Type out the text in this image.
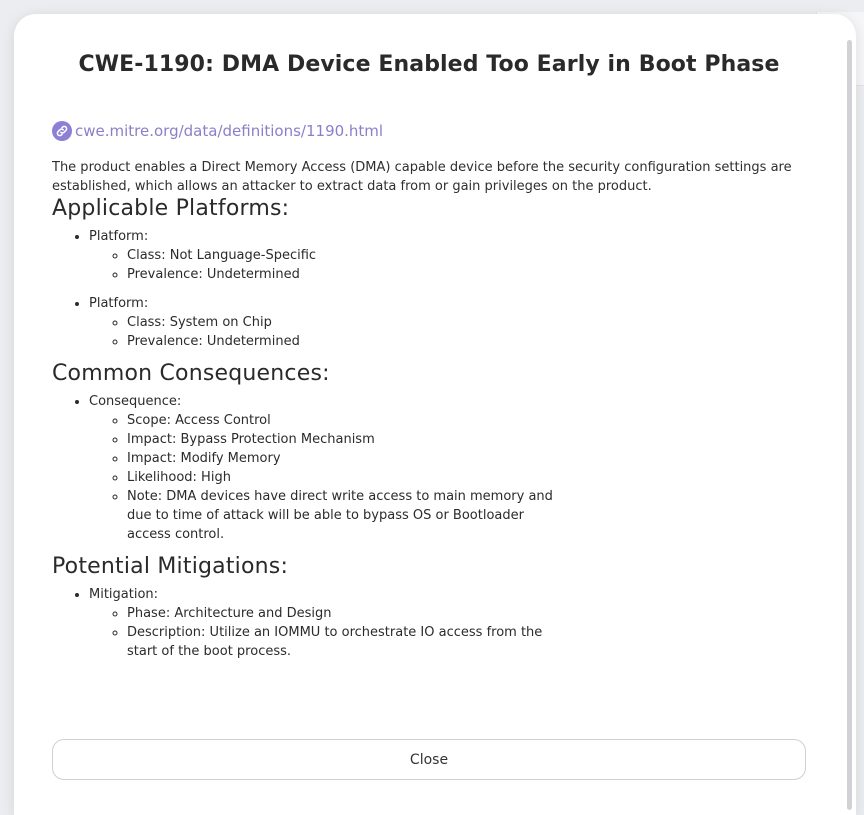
CWE-1190: DMA Device Enabled Too Early in Boot Phase
cwe.mitre.org/data/definitions/1190.html

The product enables a Direct Memory Access (DMA) capable device before the security configuration settings are established, which allows an attacker to extract data from or gain privileges on the product.

Applicable Platforms:
• Platform:
◦ Class: Not Language-Specific
◦ Prevalence: Undetermined
• Platform:
◦ Class: System on Chip
◦ Prevalence: Undetermined
Common Consequences:
• Consequence:
◦ Scope: Access Control
◦ Impact: Bypass Protection Mechanism
◦ Impact: Modify Memory
◦ Likelihood: High
◦ Note: DMA devices have direct write access to main memory and due to time of attack will be able to bypass OS or Bootloader access control.
Potential Mitigations:
• Mitigation:
◦ Phase: Architecture and Design
◦ Description: Utilize an IOMMU to orchestrate IO access from the start of the boot process.
Close
